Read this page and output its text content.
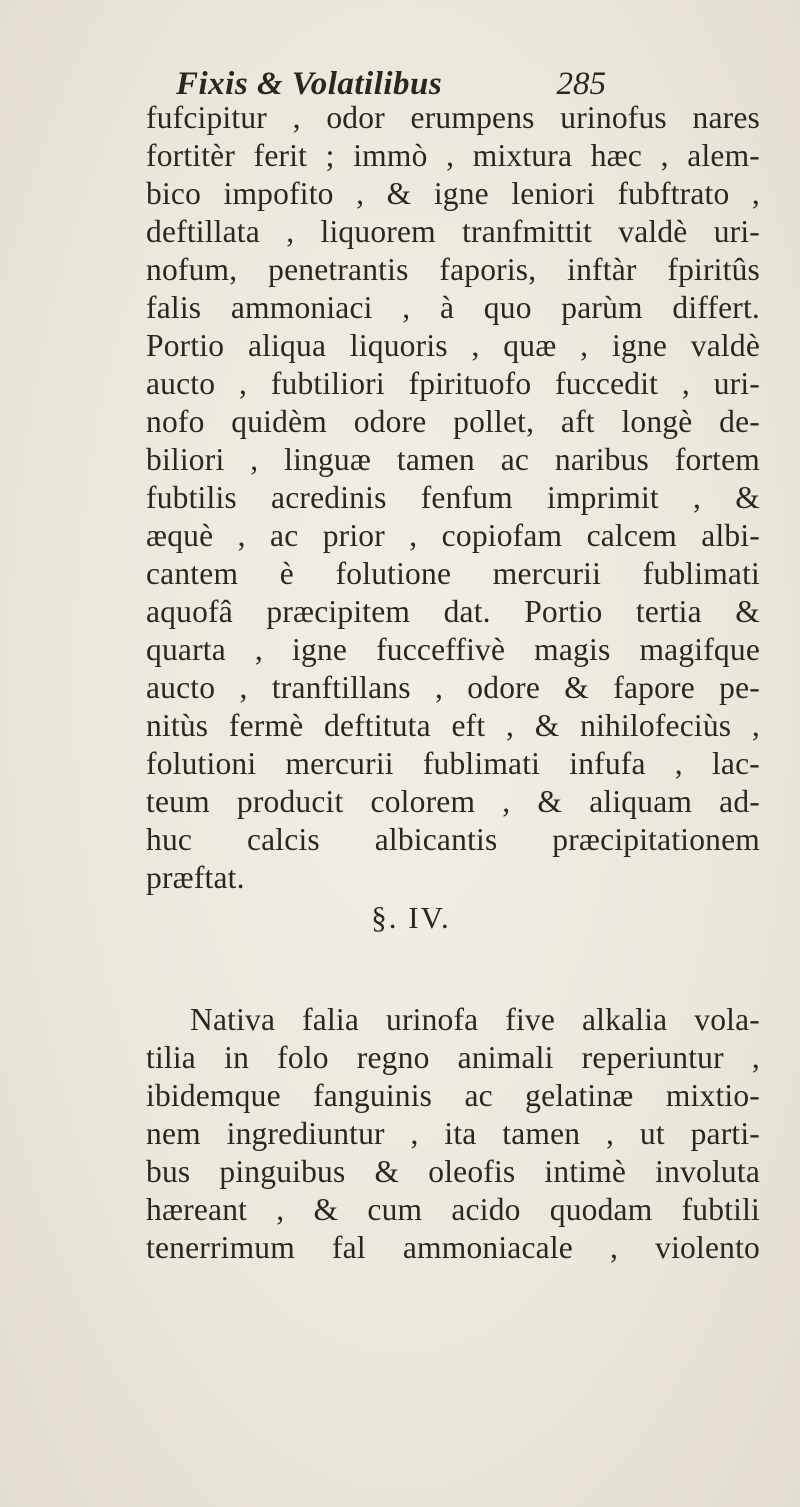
Fixis & Volatilibus	285
fufcipitur , odor erumpens urinofus nares
fortitèr ferit ; immò , mixtura hæc , alem-
bico impofito , & igne leniori fubftrato ,
deftillata , liquorem tranfmittit valdè uri-
nofum, penetrantis faporis, inftàr fpiritûs
falis ammoniaci , à quo parùm differt.
Portio aliqua liquoris , quæ , igne valdè
aucto , fubtiliori fpirituofo fuccedit , uri-
nofo quidèm odore pollet, aft longè de-
biliori , linguæ tamen ac naribus fortem
fubtilis acredinis fenfum imprimit , &
æquè , ac prior , copiofam calcem albi-
cantem è folutione mercurii fublimati
aquofâ præcipitem dat. Portio tertia &
quarta , igne fucceffivè magis magifque
aucto , tranftillans , odore & fapore pe-
nitùs fermè deftituta eft , & nihilofeciùs ,
folutioni mercurii fublimati infufa , lac-
teum producit colorem , & aliquam ad-
huc calcis albicantis præcipitationem
præftat.
§. IV.
Nativa falia urinofa five alkalia vola-
tilia in folo regno animali reperiuntur ,
ibidemque fanguinis ac gelatinæ mixtio-
nem ingrediuntur , ita tamen , ut parti-
bus pinguibus & oleofis intimè involuta
hæreant , & cum acido quodam fubtili
tenerrimum fal ammoniacale , violento
